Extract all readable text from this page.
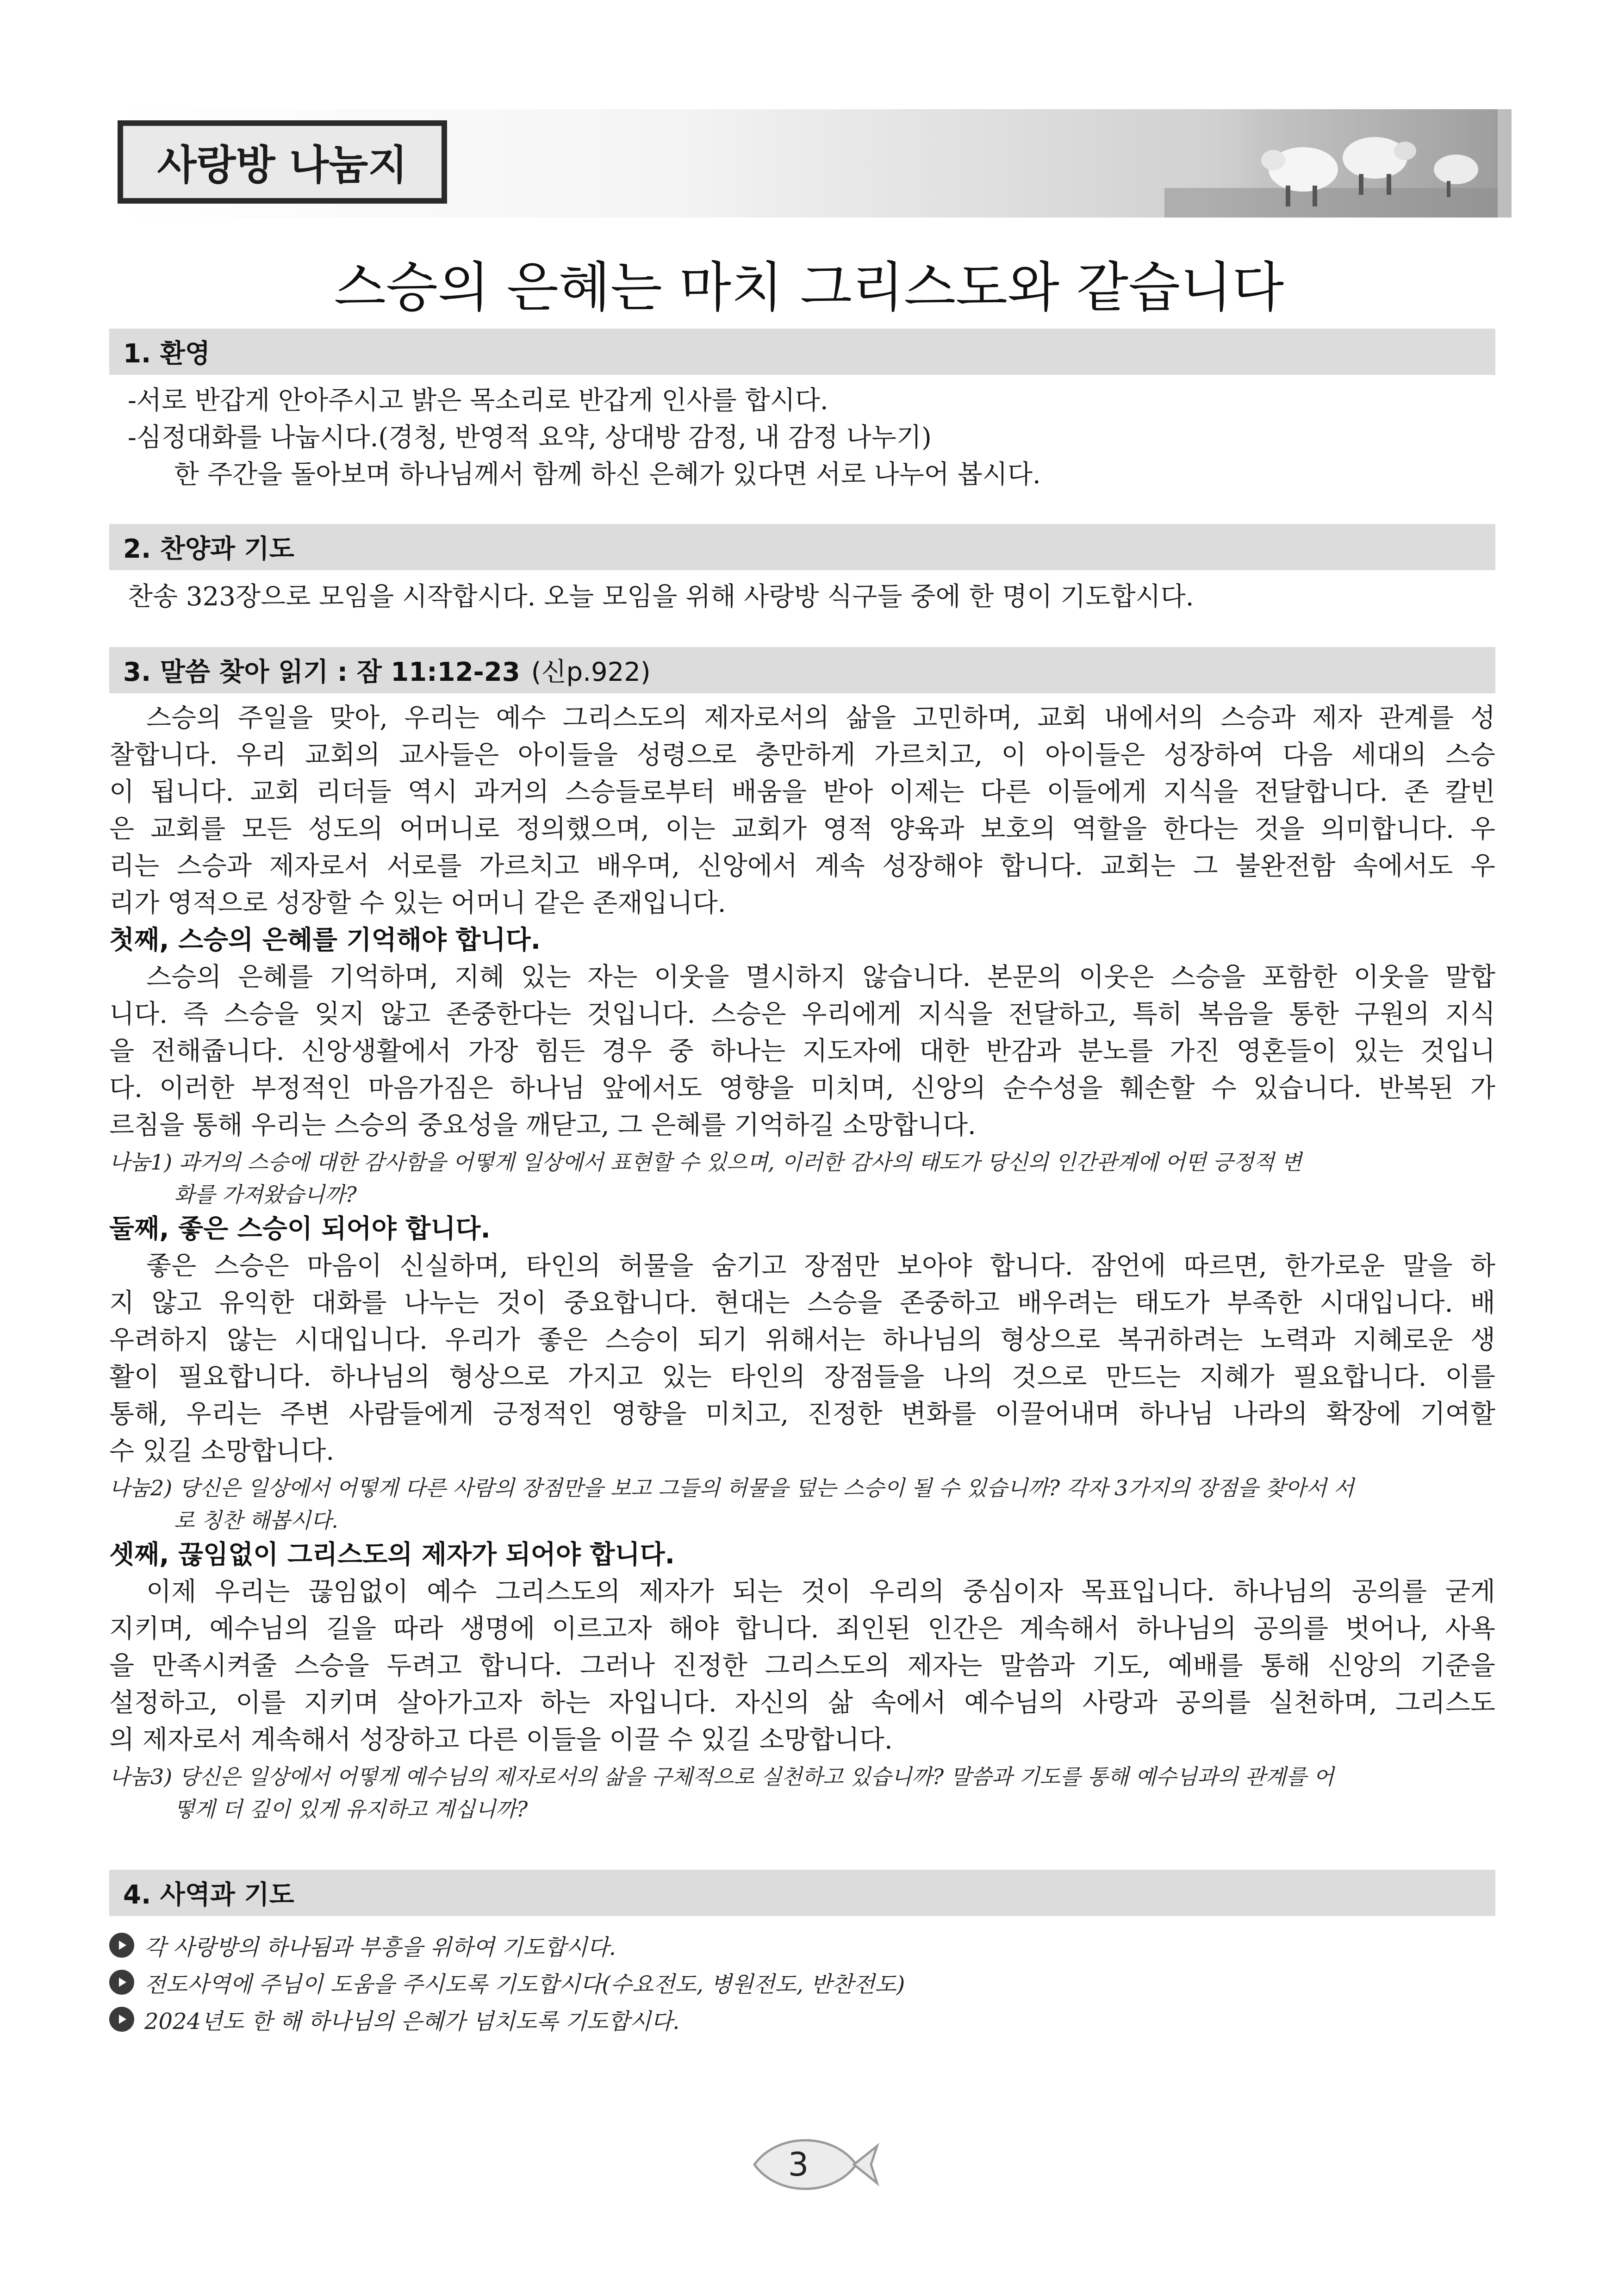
사랑방 나눔지
스승의 은혜는 마치 그리스도와 같습니다
1. 환영
-서로 반갑게 안아주시고 밝은 목소리로 반갑게 인사를 합시다.
-심정대화를 나눕시다.(경청, 반영적 요약, 상대방 감정, 내 감정 나누기)
한 주간을 돌아보며 하나님께서 함께 하신 은혜가 있다면 서로 나누어 봅시다.
2. 찬양과 기도
찬송 323장으로 모임을 시작합시다. 오늘 모임을 위해 사랑방 식구들 중에 한 명이 기도합시다.
3. 말씀 찾아 읽기 : 잠 11:12-23 (신p.922)
스승의 주일을 맞아, 우리는 예수 그리스도의 제자로서의 삶을 고민하며, 교회 내에서의 스승과 제자 관계를 성
찰합니다. 우리 교회의 교사들은 아이들을 성령으로 충만하게 가르치고, 이 아이들은 성장하여 다음 세대의 스승
이 됩니다. 교회 리더들 역시 과거의 스승들로부터 배움을 받아 이제는 다른 이들에게 지식을 전달합니다. 존 칼빈
은 교회를 모든 성도의 어머니로 정의했으며, 이는 교회가 영적 양육과 보호의 역할을 한다는 것을 의미합니다. 우
리는 스승과 제자로서 서로를 가르치고 배우며, 신앙에서 계속 성장해야 합니다. 교회는 그 불완전함 속에서도 우
리가 영적으로 성장할 수 있는 어머니 같은 존재입니다.
첫째, 스승의 은혜를 기억해야 합니다.
스승의 은혜를 기억하며, 지혜 있는 자는 이웃을 멸시하지 않습니다. 본문의 이웃은 스승을 포함한 이웃을 말합
니다. 즉 스승을 잊지 않고 존중한다는 것입니다. 스승은 우리에게 지식을 전달하고, 특히 복음을 통한 구원의 지식
을 전해줍니다. 신앙생활에서 가장 힘든 경우 중 하나는 지도자에 대한 반감과 분노를 가진 영혼들이 있는 것입니
다. 이러한 부정적인 마음가짐은 하나님 앞에서도 영향을 미치며, 신앙의 순수성을 훼손할 수 있습니다. 반복된 가
르침을 통해 우리는 스승의 중요성을 깨닫고, 그 은혜를 기억하길 소망합니다.
나눔1) 과거의 스승에 대한 감사함을 어떻게 일상에서 표현할 수 있으며, 이러한 감사의 태도가 당신의 인간관계에 어떤 긍정적 변
화를 가져왔습니까?
둘째, 좋은 스승이 되어야 합니다.
좋은 스승은 마음이 신실하며, 타인의 허물을 숨기고 장점만 보아야 합니다. 잠언에 따르면, 한가로운 말을 하
지 않고 유익한 대화를 나누는 것이 중요합니다. 현대는 스승을 존중하고 배우려는 태도가 부족한 시대입니다. 배
우려하지 않는 시대입니다. 우리가 좋은 스승이 되기 위해서는 하나님의 형상으로 복귀하려는 노력과 지혜로운 생
활이 필요합니다. 하나님의 형상으로 가지고 있는 타인의 장점들을 나의 것으로 만드는 지혜가 필요합니다. 이를
통해, 우리는 주변 사람들에게 긍정적인 영향을 미치고, 진정한 변화를 이끌어내며 하나님 나라의 확장에 기여할
수 있길 소망합니다.
나눔2) 당신은 일상에서 어떻게 다른 사람의 장점만을 보고 그들의 허물을 덮는 스승이 될 수 있습니까? 각자 3가지의 장점을 찾아서 서
로 칭찬 해봅시다.
셋째, 끊임없이 그리스도의 제자가 되어야 합니다.
이제 우리는 끊임없이 예수 그리스도의 제자가 되는 것이 우리의 중심이자 목표입니다. 하나님의 공의를 굳게
지키며, 예수님의 길을 따라 생명에 이르고자 해야 합니다. 죄인된 인간은 계속해서 하나님의 공의를 벗어나, 사욕
을 만족시켜줄 스승을 두려고 합니다. 그러나 진정한 그리스도의 제자는 말씀과 기도, 예배를 통해 신앙의 기준을
설정하고, 이를 지키며 살아가고자 하는 자입니다. 자신의 삶 속에서 예수님의 사랑과 공의를 실천하며, 그리스도
의 제자로서 계속해서 성장하고 다른 이들을 이끌 수 있길 소망합니다.
나눔3) 당신은 일상에서 어떻게 예수님의 제자로서의 삶을 구체적으로 실천하고 있습니까? 말씀과 기도를 통해 예수님과의 관계를 어
떻게 더 깊이 있게 유지하고 계십니까?
4. 사역과 기도
각 사랑방의 하나됨과 부흥을 위하여 기도합시다.
전도사역에 주님이 도움을 주시도록 기도합시다(수요전도, 병원전도, 반찬전도)
2024년도 한 해 하나님의 은혜가 넘치도록 기도합시다.
3
